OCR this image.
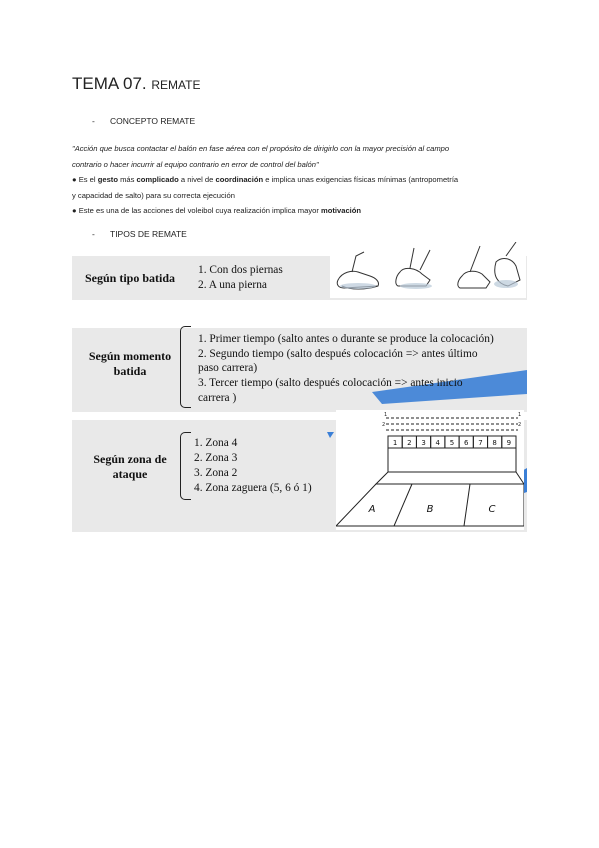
TEMA 07. REMATE
- CONCEPTO REMATE
"Acción que busca contactar el balón en fase aérea con el propósito de dirigirlo con la mayor precisión al campo
contrario o hacer incurrir al equipo contrario en error de control del balón"
● Es el gesto más complicado a nivel de coordinación e implica unas exigencias físicas mínimas (antropometría
y capacidad de salto) para su correcta ejecución
● Este es una de las acciones del voleibol cuya realización implica mayor motivación
- TIPOS DE REMATE
Según tipo batida
1. Con dos piernas
2. A una pierna
Según momento
batida
1. Primer tiempo (salto antes o durante se produce la colocación)
2. Segundo tiempo (salto después colocación => antes último
paso carrera)
3. Tercer tiempo (salto después colocación => antes inicio
carrera )
Según zona de
ataque
1. Zona 4
2. Zona 3
3. Zona 2
4. Zona zaguera (5, 6 ó 1)
1	1
2	2
1 2 3 4 5 6 7 8 9
A	B	C
